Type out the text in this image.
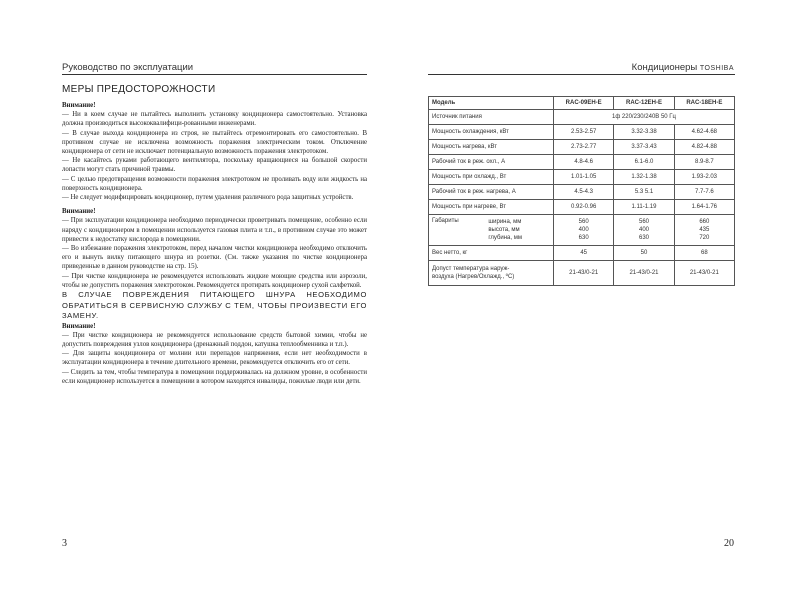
Руководство по эксплуатации
МЕРЫ ПРЕДОСТОРОЖНОСТИ

Внимание!

— Ни в коем случае не пытайтесь выполнить установку кондиционера самостоятельно. Установка должна производиться высококвалифици-рованными инженерами.

— В случае выхода кондиционера из строя, не пытайтесь отремонтировать его самостоятельно. В противном случае не исключена возможность поражения электрическим током. Отключение кондиционера от сети не исключает потенциальную возможность поражения электротоком.

— Не касайтесь руками работающего вентилятора, поскольку вращающиеся на большой скорости лопасти могут стать причиной травмы.

— С целью предотвращения возможности поражения электротоком не проливать воду или жидкость на поверхность кондиционера.

— Не следует модифицировать кондиционер, путем удаления различного рода защитных устройств.

Внимание!

— При эксплуатации кондиционера необходимо периодически проветривать помещение, особенно если наряду с кондиционером в помещении используется газовая плита и т.п., в противном случае это может привести к недостатку кислорода в помещении.

— Во избежание поражения электротоком, перед началом чистки кондиционера необходимо отключить его и вынуть вилку питающего шнура из розетки. (См. также указания по чистке кондиционера приведенные в данном руководстве на стр. 15).

— При чистке кондиционера не рекомендуется использовать жидкие моющие средства или аэрозоли, чтобы не допустить поражения электротоком. Рекомендуется протирать кондиционер сухой салфеткой.

В СЛУЧАЕ ПОВРЕЖДЕНИЯ ПИТАЮЩЕГО ШНУРА НЕОБХОДИМО ОБРАТИТЬСЯ В СЕРВИСНУЮ СЛУЖБУ С ТЕМ, ЧТОБЫ ПРОИЗВЕСТИ ЕГО ЗАМЕНУ.

Внимание!

— При чистке кондиционера не рекомендуется использование средств бытовой химии, чтобы не допустить повреждения узлов кондиционера (дренажный поддон, катушка теплообменника и т.п.).

— Для защиты кондиционера от молнии или перепадов напряжения, если нет необходимости в эксплуатации кондиционера в течение длительного времени, рекомендуется отключить его от сети.

— Следить за тем, чтобы температура в помещении поддерживалась на должном уровне, в особенности если кондиционер используется в помещении в котором находятся инвалиды, пожилые люди или дети.

3
Кондиционеры TOSHIBA
Модель	RAC-09EH-E	RAC-12EH-E	RAC-18EH-E
Источник питания	1ф 220/230/240В 50 Гц		
Мощность охлаждения, кВт	2.53-2.57	3.32-3.38	4.62-4.68
Мощность нагрева, кВт	2.73-2.77	3.37-3.43	4.82-4.88
Рабочий ток в реж. охл., А	4.8-4.6	6.1-6.0	8.9-8.7
Мощность при охлажд., Вт	1.01-1.05	1.32-1.38	1.93-2.03
Рабочий ток в реж. нагрева, А	4.5-4.3	5.3 5.1	7.7-7.6
Мощность при нагреве, Вт	0.92-0.96	1.11-1.19	1.64-1.76
Габариты ширина, мм
высота, мм
глубина, мм	560
400
630	560
400
630	660
435
720
Вес нетто, кг	45	50	68
Допуст температура наруж-
воздуха (Нагрев/Охлажд., ºС)	21-43/0-21	21-43/0-21	21-43/0-21
20
